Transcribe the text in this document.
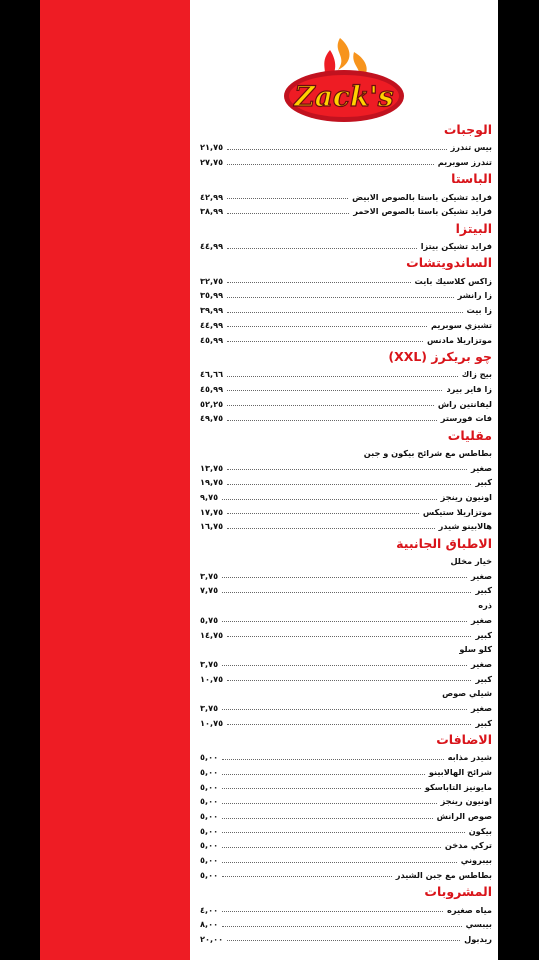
Zack's
الوجبات
بيس تندرز
٢١,٧٥
تندرز سوبريم
٢٧,٧٥
الباستا
فرايد تشيكن باستا بالصوص الابيض
٤٢,٩٩
فرايد تشيكن باستا بالصوص الاحمر
٣٨,٩٩
البيتزا
فرايد تشيكن بيتزا
٤٤,٩٩
الساندويتشات
زاكس كلاسيك بايت
٣٢,٧٥
زا رانشر
٣٥,٩٩
زا بيت
٣٩,٩٩
تشيزي سوبريم
٤٤,٩٩
موتزاريلا مادنس
٤٥,٩٩
چو بريكرز (XXL)
بيج زاك
٤٦,٦٦
زا فاير بيرد
٤٥,٩٩
ليفانتين راش
٥٢,٢٥
فات فورستر
٤٩,٧٥
مقليات
بطاطس مع شرائح بيكون و جبن
صغير
١٣,٧٥
كبير
١٩,٧٥
اونيون رينجز
٩,٧٥
موتزاريلا ستيكس
١٧,٧٥
هالابينو شيدر
١٦,٧٥
الاطباق الجانبية
خيار مخلل
صغير
٣,٧٥
كبير
٧,٧٥
ذره
صغير
٥,٧٥
كبير
١٤,٧٥
كلو سلو
صغير
٣,٧٥
كبير
١٠,٧٥
شيلي صوص
صغير
٣,٧٥
كبير
١٠,٧٥
الاضافات
شيدر مذابه
٥,٠٠
شرائح الهالابينو
٥,٠٠
مايونيز التاباسكو
٥,٠٠
اونيون رينجز
٥,٠٠
صوص الرانش
٥,٠٠
بيكون
٥,٠٠
تركي مدخن
٥,٠٠
بيبروني
٥,٠٠
بطاطس مع جبن الشيدر
٥,٠٠
المشروبات
مياه صغيره
٤,٠٠
بيبسي
٨,٠٠
ريدبول
٢٠,٠٠
